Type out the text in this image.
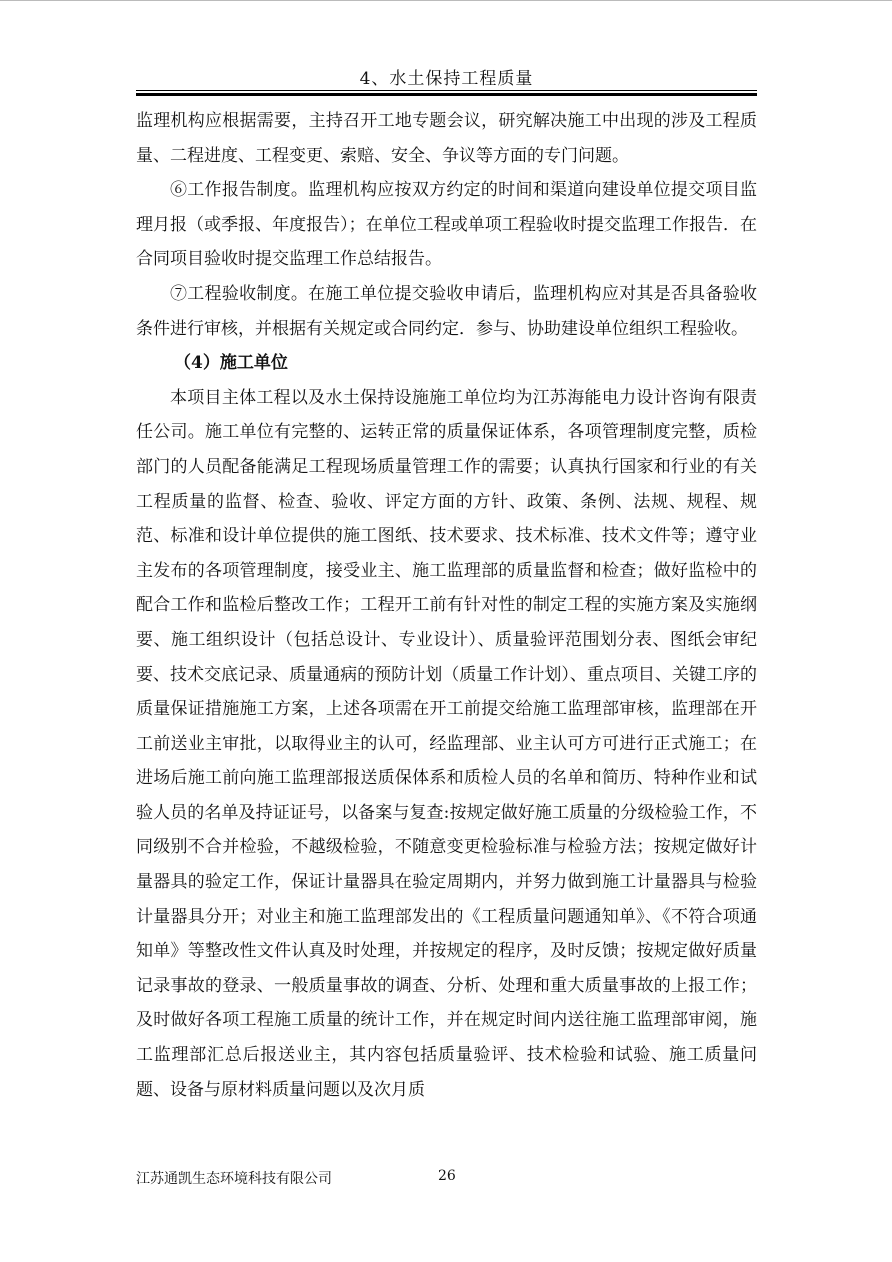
4、水土保持工程质量

监理机构应根据需要，主持召开工地专题会议，研究解决施工中出现的涉及工程质量、二程进度、工程变更、索赔、安全、争议等方面的专门问题。

⑥工作报告制度。监理机构应按双方约定的时间和渠道向建设单位提交项目监理月报（或季报、年度报告）；在单位工程或单项工程验收时提交监理工作报告．在合同项目验收时提交监理工作总结报告。

⑦工程验收制度。在施工单位提交验收申请后，监理机构应对其是否具备验收条件进行审核，并根据有关规定或合同约定．参与、协助建设单位组织工程验收。

（4）施工单位

本项目主体工程以及水土保持设施施工单位均为江苏海能电力设计咨询有限责任公司。施工单位有完整的、运转正常的质量保证体系，各项管理制度完整，质检部门的人员配备能满足工程现场质量管理工作的需要；认真执行国家和行业的有关工程质量的监督、检查、验收、评定方面的方针、政策、条例、法规、规程、规范、标准和设计单位提供的施工图纸、技术要求、技术标准、技术文件等；遵守业主发布的各项管理制度，接受业主、施工监理部的质量监督和检查；做好监检中的配合工作和监检后整改工作；工程开工前有针对性的制定工程的实施方案及实施纲要、施工组织设计（包括总设计、专业设计）、质量验评范围划分表、图纸会审纪要、技术交底记录、质量通病的预防计划（质量工作计划）、重点项目、关键工序的质量保证措施施工方案，上述各项需在开工前提交给施工监理部审核，监理部在开工前送业主审批，以取得业主的认可，经监理部、业主认可方可进行正式施工；在进场后施工前向施工监理部报送质保体系和质检人员的名单和简历、特种作业和试验人员的名单及持证证号，以备案与复查:按规定做好施工质量的分级检验工作，不同级别不合并检验，不越级检验，不随意变更检验标准与检验方法；按规定做好计量器具的验定工作，保证计量器具在验定周期内，并努力做到施工计量器具与检验计量器具分开；对业主和施工监理部发出的《工程质量问题通知单》、《不符合项通知单》等整改性文件认真及时处理，并按规定的程序，及时反馈；按规定做好质量记录事故的登录、一般质量事故的调查、分析、处理和重大质量事故的上报工作；及时做好各项工程施工质量的统计工作，并在规定时间内送往施工监理部审阅，施工监理部汇总后报送业主，其内容包括质量验评、技术检验和试验、施工质量问题、设备与原材料质量问题以及次月质

江苏通凯生态环境科技有限公司	26
